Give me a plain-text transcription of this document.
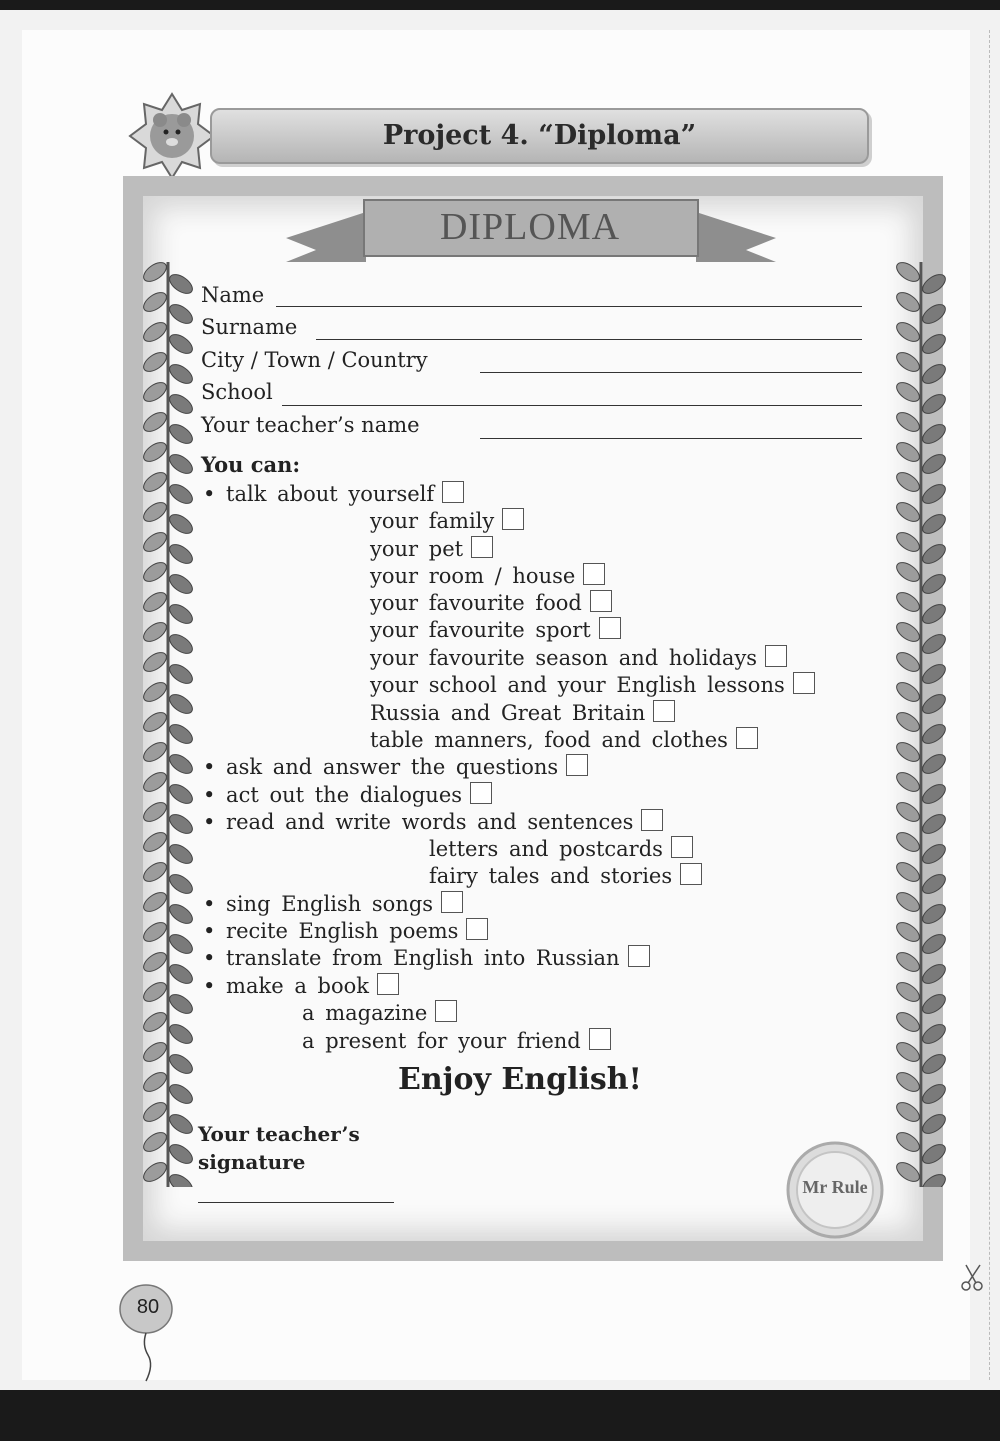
Project 4. “Diploma”
DIPLOMA
Name
Surname
City / Town / Country
School
Your teacher’s name
You can:
• talk about yourself
your family
your pet
your room / house
your favourite food
your favourite sport
your favourite season and holidays
your school and your English lessons
Russia and Great Britain
table manners, food and clothes
• ask and answer the questions
• act out the dialogues
• read and write words and sentences
letters and postcards
fairy tales and stories
• sing English songs
• recite English poems
• translate from English into Russian
• make a book
a magazine
a present for your friend
Enjoy English!
Your teacher’s
signature
Mr Rule
80
